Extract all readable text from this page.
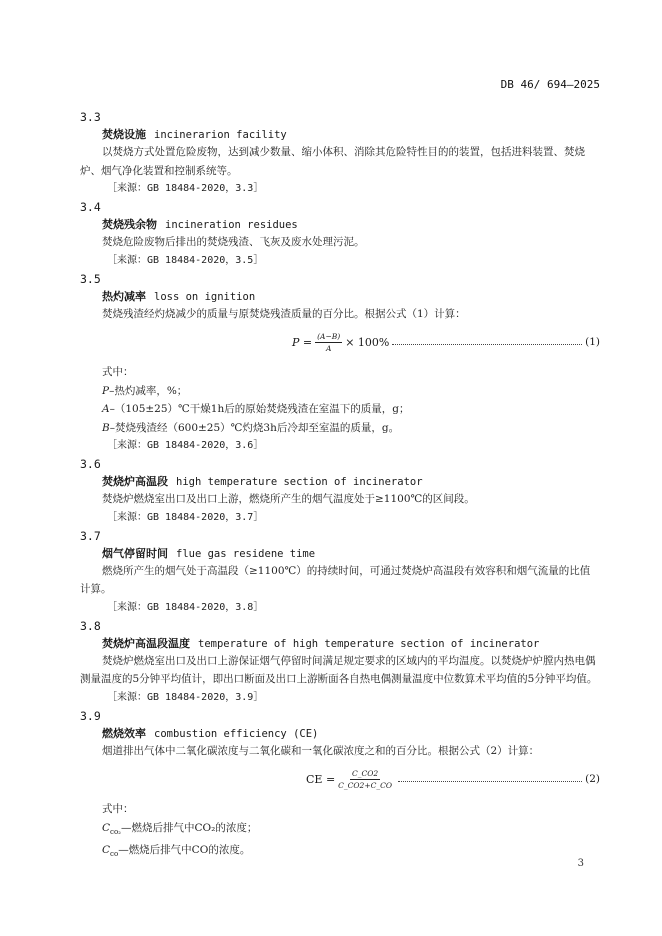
DB 46/ 694—2025
3.3
焚烧设施 incinerarion facility
以焚烧方式处置危险废物，达到减少数量、缩小体积、消除其危险特性目的的装置，包括进料装置、焚烧炉、烟气净化装置和控制系统等。
［来源：GB 18484-2020，3.3］
3.4
焚烧残余物 incineration residues
焚烧危险废物后排出的焚烧残渣、飞灰及废水处理污泥。
［来源：GB 18484-2020，3.5］
3.5
热灼减率 loss on ignition
焚烧残渣经灼烧减少的质量与原焚烧残渣质量的百分比。根据公式（1）计算：
$P = \frac{(A-B)}{A} \times 100\%$	(1)
式中：
P–热灼减率，%；
A–（105±25）℃干燥1h后的原始焚烧残渣在室温下的质量，g；
B–焚烧残渣经（600±25）℃灼烧3h后冷却至室温的质量，g。
［来源：GB 18484-2020，3.6］
3.6
焚烧炉高温段 high temperature section of incinerator
焚烧炉燃烧室出口及出口上游，燃烧所产生的烟气温度处于≥1100℃的区间段。
［来源：GB 18484-2020，3.7］
3.7
烟气停留时间 flue gas residene time
燃烧所产生的烟气处于高温段（≥1100℃）的持续时间，可通过焚烧炉高温段有效容积和烟气流量的比值计算。
［来源：GB 18484-2020，3.8］
3.8
焚烧炉高温段温度 temperature of high temperature section of incinerator
焚烧炉燃烧室出口及出口上游保证烟气停留时间满足规定要求的区域内的平均温度。以焚烧炉炉膛内热电偶测量温度的5分钟平均值计，即出口断面及出口上游断面各自热电偶测量温度中位数算术平均值的5分钟平均值。
［来源：GB 18484-2020，3.9］
3.9
燃烧效率 combustion efficiency (CE)
烟道排出气体中二氧化碳浓度与二氧化碳和一氧化碳浓度之和的百分比。根据公式（2）计算：
CE = $\frac{C\_CO2}{C\_CO2+C\_CO}$	(2)
式中：
$C_{co_2}—$燃烧后排气中CO₂的浓度；
$C_{co}—$燃烧后排气中CO的浓度。
3
